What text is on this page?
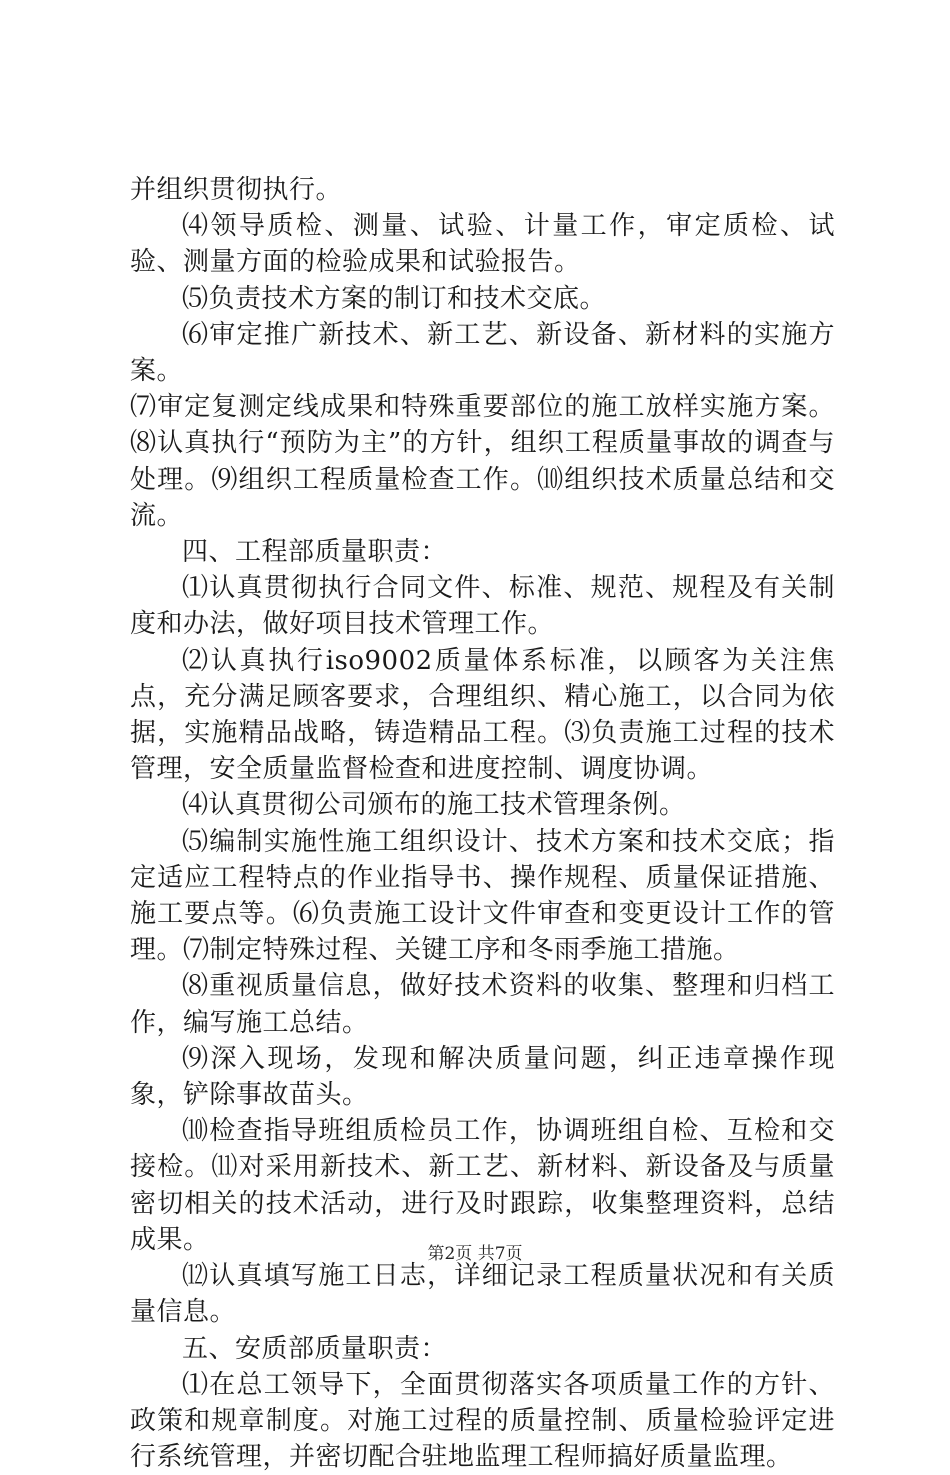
并组织贯彻执行。

⑷领导质检、测量、试验、计量工作，审定质检、试验、测量方面的检验成果和试验报告。

⑸负责技术方案的制订和技术交底。

⑹审定推广新技术、新工艺、新设备、新材料的实施方案。

⑺审定复测定线成果和特殊重要部位的施工放样实施方案。⑻认真执行“预防为主”的方针，组织工程质量事故的调查与处理。⑼组织工程质量检查工作。⑽组织技术质量总结和交流。

四、工程部质量职责：

⑴认真贯彻执行合同文件、标准、规范、规程及有关制度和办法，做好项目技术管理工作。

⑵认真执行iso9002质量体系标准，以顾客为关注焦点，充分满足顾客要求，合理组织、精心施工，以合同为依据，实施精品战略，铸造精品工程。⑶负责施工过程的技术管理，安全质量监督检查和进度控制、调度协调。

⑷认真贯彻公司颁布的施工技术管理条例。

⑸编制实施性施工组织设计、技术方案和技术交底；指定适应工程特点的作业指导书、操作规程、质量保证措施、施工要点等。⑹负责施工设计文件审查和变更设计工作的管理。⑺制定特殊过程、关键工序和冬雨季施工措施。

⑻重视质量信息，做好技术资料的收集、整理和归档工作，编写施工总结。

⑼深入现场，发现和解决质量问题，纠正违章操作现象，铲除事故苗头。

⑽检查指导班组质检员工作，协调班组自检、互检和交接检。⑾对采用新技术、新工艺、新材料、新设备及与质量密切相关的技术活动，进行及时跟踪，收集整理资料，总结成果。

⑿认真填写施工日志，详细记录工程质量状况和有关质量信息。

五、安质部质量职责：

⑴在总工领导下，全面贯彻落实各项质量工作的方针、政策和规章制度。对施工过程的质量控制、质量检验评定进行系统管理，并密切配合驻地监理工程师搞好质量监理。

第2页 共7页
